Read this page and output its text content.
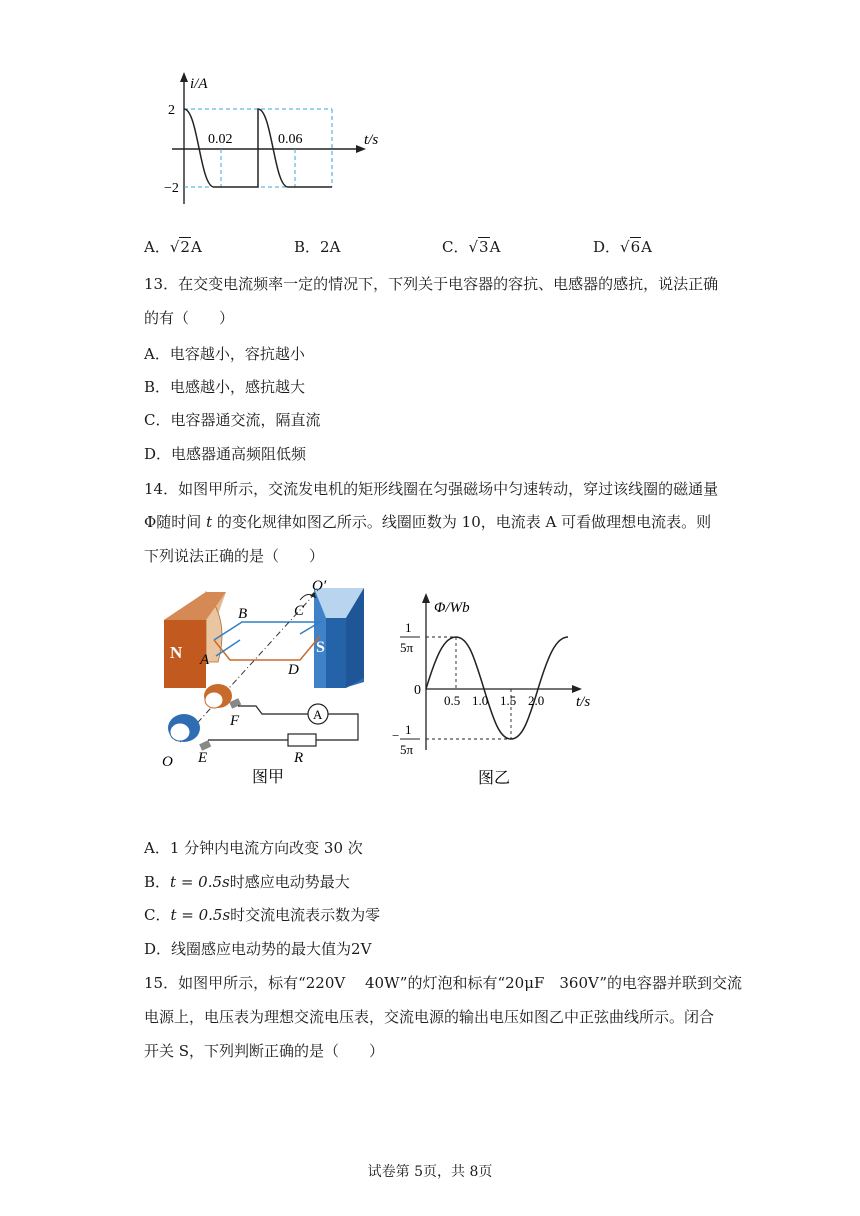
i/A
t/s
2
−2
0.02	0.06
A．√2A	B．2A	C．√3A	D．√6A
13．在交变电流频率一定的情况下，下列关于电容器的容抗、电感器的感抗，说法正确
的有（　　）
A．电容越小，容抗越小
B．电感越小，感抗越大
C．电容器通交流，隔直流
D．电感器通高频阻低频
14．如图甲所示，交流发电机的矩形线圈在匀强磁场中匀速转动，穿过该线圈的磁通量
Φ随时间 t 的变化规律如图乙所示。线圈匝数为 10，电流表 A 可看做理想电流表。则
下列说法正确的是（　　）
N	S
A
A
B	C
D
O′
F
E
O	R
图甲
Φ/Wb
t/s
0
1
5π
− 1
5π
0.5 1.0 1.5 2.0
图乙
A．1 分钟内电流方向改变 30 次
B．t = 0.5s时感应电动势最大
C．t = 0.5s时交流电流表示数为零
D．线圈感应电动势的最大值为2V
15．如图甲所示，标有“220V　 40W”的灯泡和标有“20μF　360V”的电容器并联到交流
电源上，电压表为理想交流电压表，交流电源的输出电压如图乙中正弦曲线所示。闭合
开关 S，下列判断正确的是（　　）
试卷第 5页，共 8页
